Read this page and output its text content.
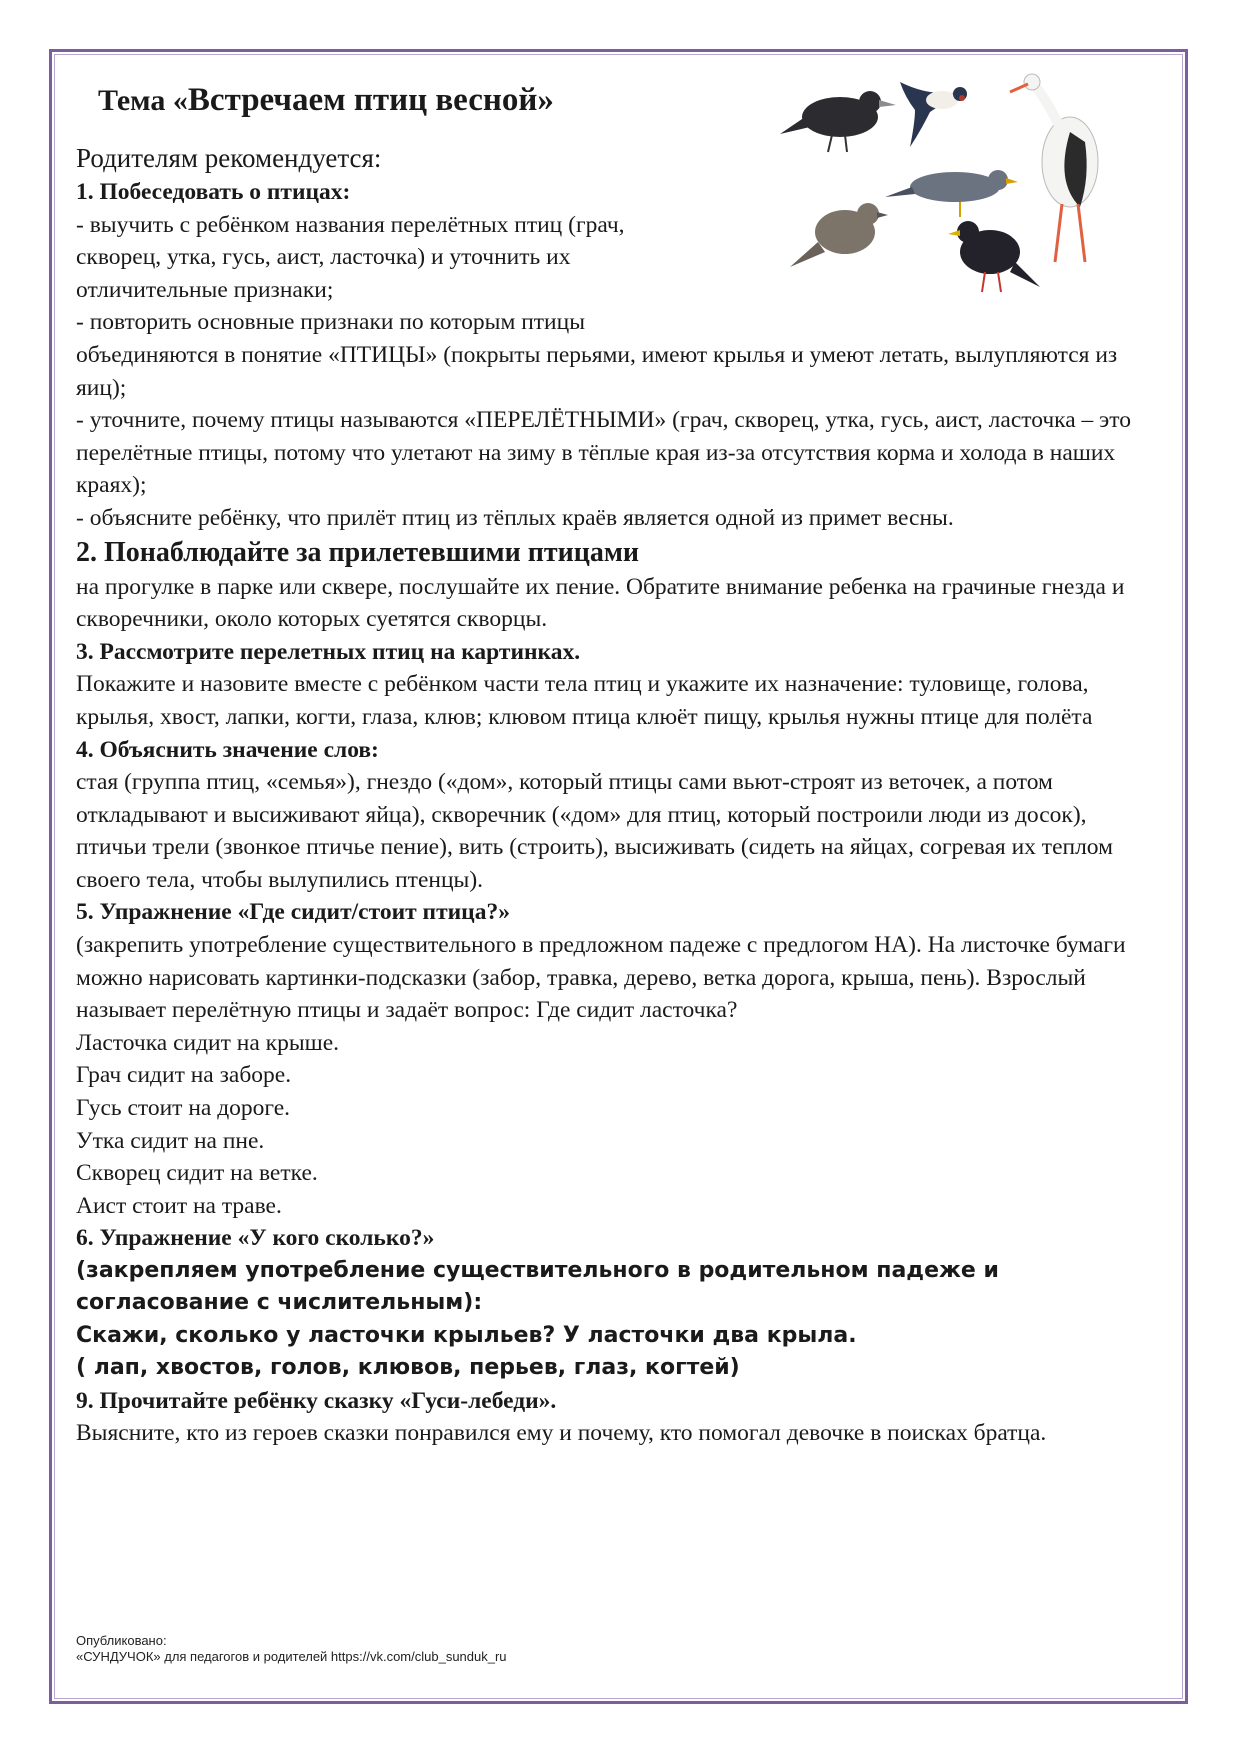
Тема «Встречаем птиц весной»
Родителям рекомендуется:
1. Побеседовать о птицах:
- выучить с ребёнком названия перелётных птиц (грач,
скворец, утка, гусь, аист, ласточка) и уточнить их
отличительные признаки;
- повторить основные признаки по которым птицы
объединяются в понятие «ПТИЦЫ» (покрыты перьями, имеют крылья и умеют летать, вылупляются из яиц);
- уточните, почему птицы называются «ПЕРЕЛЁТНЫМИ» (грач, скворец, утка, гусь, аист, ласточка – это перелётные птицы, потому что улетают на зиму в тёплые края из-за отсутствия корма и холода в наших краях);
- объясните ребёнку, что прилёт птиц из тёплых краёв является одной из примет весны.
2. Понаблюдайте за прилетевшими птицами
на прогулке в парке или сквере, послушайте их пение. Обратите внимание ребенка на грачиные гнезда и скворечники, около которых суетятся скворцы.
3. Рассмотрите перелетных птиц на картинках.
Покажите и назовите вместе с ребёнком части тела птиц и укажите их назначение: туловище, голова, крылья, хвост, лапки, когти, глаза, клюв; клювом птица клюёт пищу, крылья нужны птице для полёта
4. Объяснить значение слов:
стая (группа птиц, «семья»), гнездо («дом», который птицы сами вьют-строят из веточек, а потом откладывают и высиживают яйца), скворечник («дом» для птиц, который построили люди из досок), птичьи трели (звонкое птичье пение), вить (строить), высиживать (сидеть на яйцах, согревая их теплом своего тела, чтобы вылупились птенцы).
5. Упражнение «Где сидит/стоит птица?»
(закрепить употребление существительного в предложном падеже с предлогом НА). На листочке бумаги можно нарисовать картинки-подсказки (забор, травка, дерево, ветка дорога, крыша, пень). Взрослый называет перелётную птицы и задаёт вопрос: Где сидит ласточка?
Ласточка сидит на крыше.
Грач сидит на заборе.
Гусь стоит на дороге.
Утка сидит на пне.
Скворец сидит на ветке.
Аист стоит на траве.
6. Упражнение «У кого сколько?»
(закрепляем употребление существительного в родительном падеже и согласование с числительным):
Скажи, сколько у ласточки крыльев? У ласточки два крыла.
( лап, хвостов, голов, клювов, перьев, глаз, когтей)
9. Прочитайте ребёнку сказку «Гуси-лебеди».
Выясните, кто из героев сказки понравился ему и почему, кто помогал девочке в поисках братца.
Опубликовано:
«СУНДУЧОК» для педагогов и родителей https://vk.com/club_sunduk_ru
